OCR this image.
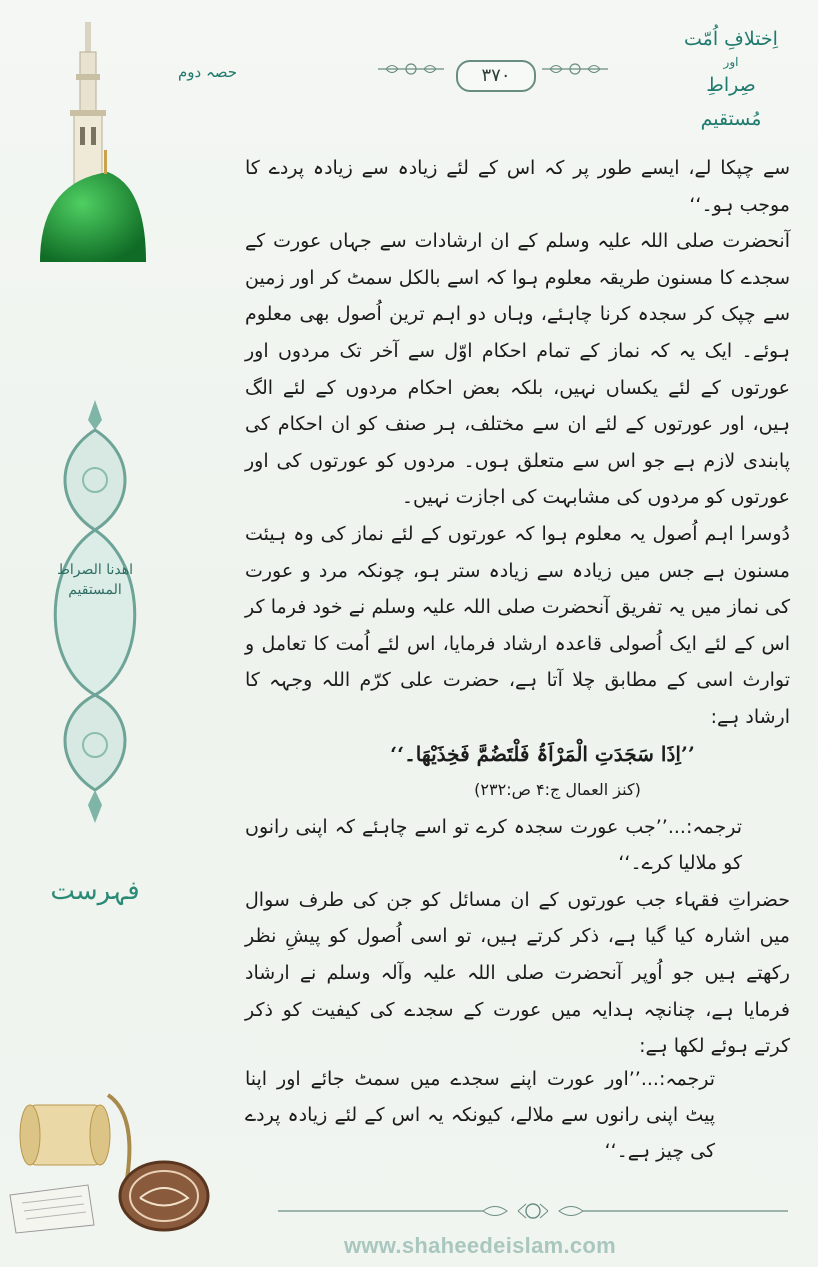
۳۷۰
حصہ دوم
اِختلافِ اُمّت
اور
صِراطِ مُستقیم
اهدنا الصراط المستقيم
فہرست

سے چپکا لے، ایسے طور پر کہ اس کے لئے زیادہ سے زیادہ پردے کا موجب ہو۔‘‘

آنحضرت صلی اللہ علیہ وسلم کے ان ارشادات سے جہاں عورت کے سجدے کا مسنون طریقہ معلوم ہوا کہ اسے بالکل سمٹ کر اور زمین سے چپک کر سجدہ کرنا چاہئے، وہاں دو اہم ترین اُصول بھی معلوم ہوئے۔ ایک یہ کہ نماز کے تمام احکام اوّل سے آخر تک مردوں اور عورتوں کے لئے یکساں نہیں، بلکہ بعض احکام مردوں کے لئے الگ ہیں، اور عورتوں کے لئے ان سے مختلف، ہر صنف کو ان احکام کی پابندی لازم ہے جو اس سے متعلق ہوں۔ مردوں کو عورتوں کی اور عورتوں کو مردوں کی مشابہت کی اجازت نہیں۔

دُوسرا اہم اُصول یہ معلوم ہوا کہ عورتوں کے لئے نماز کی وہ ہیئت مسنون ہے جس میں زیادہ سے زیادہ ستر ہو، چونکہ مرد و عورت کی نماز میں یہ تفریق آنحضرت صلی اللہ علیہ وسلم نے خود فرما کر اس کے لئے ایک اُصولی قاعدہ ارشاد فرمایا، اس لئے اُمت کا تعامل و توارث اسی کے مطابق چلا آتا ہے، حضرت علی کرّم اللہ وجہہ کا ارشاد ہے:

’’اِذَا سَجَدَتِ الْمَرْاَۃُ فَلْتَضُمَّ فَخِذَیْھَا۔‘‘

(کنز العمال ج:۴ ص:۲۳۲)

ترجمہ:...’’جب عورت سجدہ کرے تو اسے چاہئے کہ اپنی رانوں کو ملالیا کرے۔‘‘

حضراتِ فقہاء جب عورتوں کے ان مسائل کو جن کی طرف سوال میں اشارہ کیا گیا ہے، ذکر کرتے ہیں، تو اسی اُصول کو پیشِ نظر رکھتے ہیں جو اُوپر آنحضرت صلی اللہ علیہ وآلہ وسلم نے ارشاد فرمایا ہے، چنانچہ ہدایہ میں عورت کے سجدے کی کیفیت کو ذکر کرتے ہوئے لکھا ہے:

ترجمہ:...’’اور عورت اپنے سجدے میں سمٹ جائے اور اپنا پیٹ اپنی رانوں سے ملالے، کیونکہ یہ اس کے لئے زیادہ پردے کی چیز ہے۔‘‘
www.shaheedeislam.com
